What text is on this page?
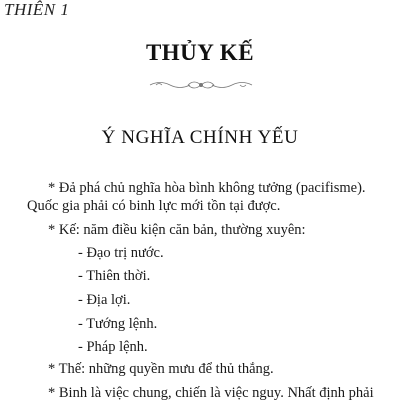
THIÊN 1
THỦY KẾ
Ý NGHĨA CHÍNH YẾU
* Đả phá chủ nghĩa hòa bình không tưởng (pacifisme).
Quốc gia phải có binh lực mới tồn tại được.
* Kế: năm điều kiện căn bản, thường xuyên:
- Đạo trị nước.
- Thiên thời.
- Địa lợi.
- Tướng lệnh.
- Pháp lệnh.
* Thế: những quyền mưu để thủ thắng.
* Binh là việc chung, chiến là việc nguy. Nhất định phải
